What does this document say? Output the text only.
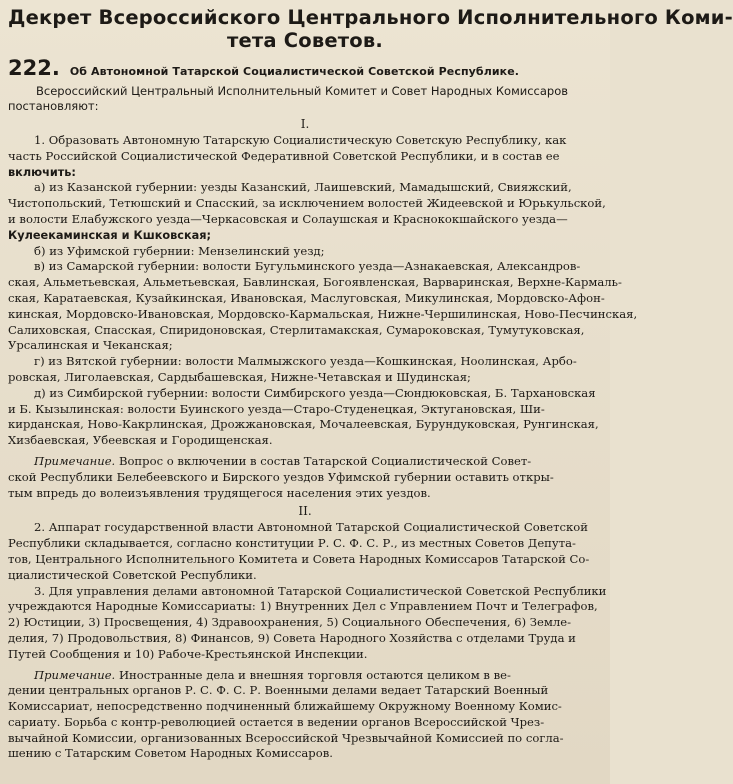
Декрет Всероссийского Центрального Исполнительного Коми-
тета Советов.
222. Об Автономной Татарской Социалистической Советской Республике.
Всероссийский Центральный Исполнительный Комитет и Совет Народных Комиссаров
постановляют:
I.
1. Образовать Автономную Татарскую Социалистическую Советскую Республику, как
часть Российской Социалистической Федеративной Советской Республики, и в состав ее
включить:
а) из Казанской губернии: уезды Казанский, Лаишевский, Мамадышский, Свияжский,
Чистопольский, Тетюшский и Спасский, за исключением волостей Жидеевской и Юрькульской,
и волости Елабужского уезда—Черкасовская и Солаушская и Краснококшайского уезда—
Кулеекаминская и Кшковская;
б) из Уфимской губернии: Мензелинский уезд;
в) из Самарской губернии: волости Бугульминского уезда—Азнакаевская, Александров-
ская, Альметьевская, Альметьевская, Бавлинская, Богоявленская, Варваринская, Верхне-Кармаль-
ская, Каратаевская, Кузайкинская, Ивановская, Маслуговская, Микулинская, Мордовско-Афон-
кинская, Мордовско-Ивановская, Мордовско-Кармальская, Нижне-Чершилинская, Ново-Песчинская,
Салиховская, Спасская, Спиридоновская, Стерлитамакская, Сумароковская, Тумутуковская,
Урсалинская и Чеканская;
г) из Вятской губернии: волости Малмыжского уезда—Кошкинская, Ноолинская, Арбо-
ровская, Лиголаевская, Сардыбашевская, Нижне-Четавская и Шудинская;
д) из Симбирской губернии: волости Симбирского уезда—Сюндюковская, Б. Тархановская
и Б. Кызылинская: волости Буинского уезда—Старо-Студенецкая, Эктугановская, Ши-
кирданская, Ново-Какрлинская, Дрожжановская, Мочалеевская, Бурундуковская, Рунгинская,
Хизбаевская, Убеевская и Городищенская.
Примечание. Вопрос о включении в состав Татарской Социалистической Совет-
ской Республики Белебеевского и Бирского уездов Уфимской губернии оставить откры-
тым впредь до волеизъявления трудящегося населения этих уездов.
II.
2. Аппарат государственной власти Автономной Татарской Социалистической Советской
Республики складывается, согласно конституции Р. С. Ф. С. Р., из местных Советов Депута-
тов, Центрального Исполнительного Комитета и Совета Народных Комиссаров Татарской Со-
циалистической Советской Республики.
3. Для управления делами автономной Татарской Социалистической Советской Республики
учреждаются Народные Комиссариаты: 1) Внутренних Дел с Управлением Почт и Телеграфов,
2) Юстиции, 3) Просвещения, 4) Здравоохранения, 5) Социального Обеспечения, 6) Земле-
делия, 7) Продовольствия, 8) Финансов, 9) Совета Народного Хозяйства с отделами Труда и
Путей Сообщения и 10) Рабоче-Крестьянской Инспекции.
Примечание. Иностранные дела и внешняя торговля остаются целиком в ве-
дении центральных органов Р. С. Ф. С. Р. Военными делами ведает Татарский Военный
Комиссариат, непосредственно подчиненный ближайшему Окружному Военному Комис-
сариату. Борьба с контр-революцией остается в ведении органов Всероссийской Чрез-
вычайной Комиссии, организованных Всероссийской Чрезвычайной Комиссией по согла-
шению с Татарским Советом Народных Комиссаров.
